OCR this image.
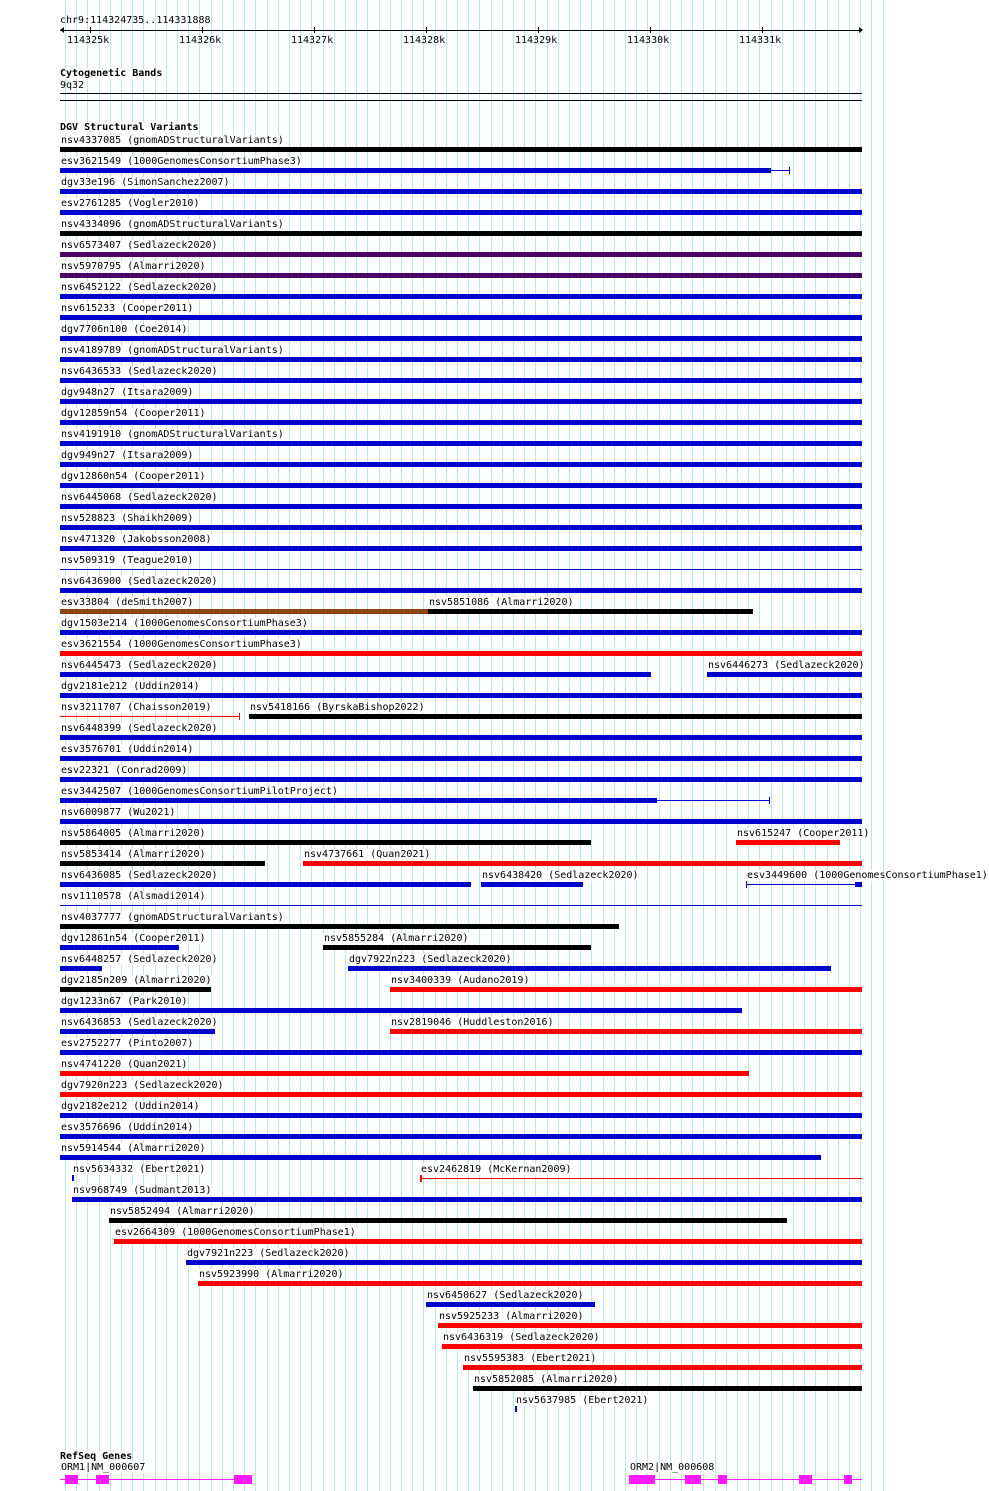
chr9:114324735..114331888
114325k	114326k	114327k	114328k	114329k	114330k	114331k
Cytogenetic Bands
9q32
DGV Structural Variants
nsv4337085 (gnomADStructuralVariants)
esv3621549 (1000GenomesConsortiumPhase3)
dgv33e196 (SimonSanchez2007)
esv2761285 (Vogler2010)
nsv4334096 (gnomADStructuralVariants)
nsv6573407 (Sedlazeck2020)
nsv5970795 (Almarri2020)
nsv6452122 (Sedlazeck2020)
nsv615233 (Cooper2011)
dgv7706n100 (Coe2014)
nsv4189789 (gnomADStructuralVariants)
nsv6436533 (Sedlazeck2020)
dgv948n27 (Itsara2009)
dgv12859n54 (Cooper2011)
nsv4191910 (gnomADStructuralVariants)
dgv949n27 (Itsara2009)
dgv12860n54 (Cooper2011)
nsv6445068 (Sedlazeck2020)
nsv528823 (Shaikh2009)
nsv471320 (Jakobsson2008)
nsv509319 (Teague2010)
nsv6436900 (Sedlazeck2020)
esv33804 (deSmith2007)	nsv5851086 (Almarri2020)
dgv1503e214 (1000GenomesConsortiumPhase3)
esv3621554 (1000GenomesConsortiumPhase3)
nsv6445473 (Sedlazeck2020)	nsv6446273 (Sedlazeck2020)
dgv2181e212 (Uddin2014)
nsv3211707 (Chaisson2019)	nsv5418166 (ByrskaBishop2022)
nsv6448399 (Sedlazeck2020)
esv3576701 (Uddin2014)
esv22321 (Conrad2009)
esv3442507 (1000GenomesConsortiumPilotProject)
nsv6009877 (Wu2021)
nsv5864005 (Almarri2020)	nsv615247 (Cooper2011)
nsv5853414 (Almarri2020)	nsv4737661 (Quan2021)
nsv6436085 (Sedlazeck2020)	nsv6438420 (Sedlazeck2020)	esv3449600 (1000GenomesConsortiumPhase1)
nsv1110578 (Alsmadi2014)
nsv4037777 (gnomADStructuralVariants)
dgv12861n54 (Cooper2011)	nsv5855284 (Almarri2020)
nsv6448257 (Sedlazeck2020)	dgv7922n223 (Sedlazeck2020)
dgv2185n209 (Almarri2020)	nsv3400339 (Audano2019)
dgv1233n67 (Park2010)
nsv6436853 (Sedlazeck2020)	nsv2819046 (Huddleston2016)
esv2752277 (Pinto2007)
nsv4741220 (Quan2021)
dgv7920n223 (Sedlazeck2020)
dgv2182e212 (Uddin2014)
esv3576696 (Uddin2014)
nsv5914544 (Almarri2020)
nsv5634332 (Ebert2021)	esv2462819 (McKernan2009)
nsv968749 (Sudmant2013)
nsv5852494 (Almarri2020)
esv2664309 (1000GenomesConsortiumPhase1)
dgv7921n223 (Sedlazeck2020)
nsv5923990 (Almarri2020)
nsv6450627 (Sedlazeck2020)
nsv5925233 (Almarri2020)
nsv6436319 (Sedlazeck2020)
nsv5595383 (Ebert2021)
nsv5852085 (Almarri2020)
nsv5637985 (Ebert2021)
RefSeq Genes
ORM1|NM_000607	ORM2|NM_000608
